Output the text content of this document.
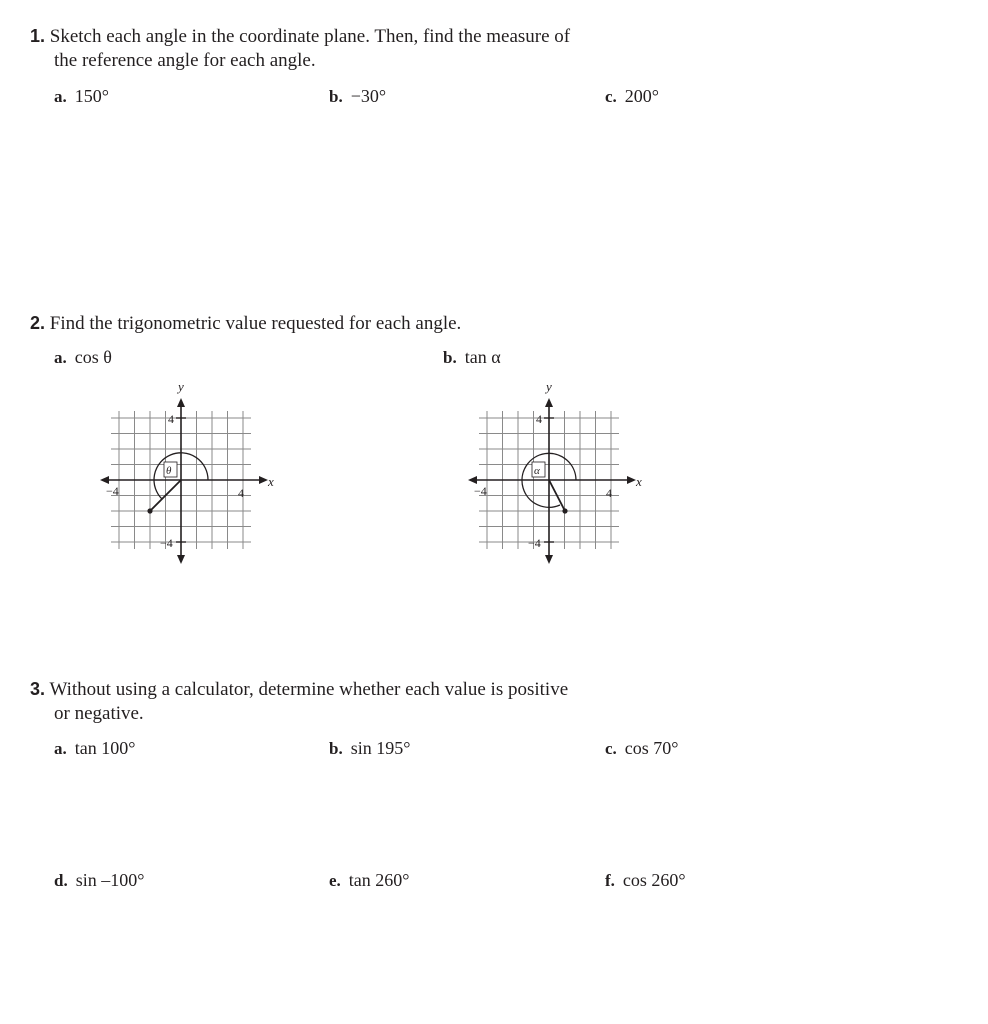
1. Sketch each angle in the coordinate plane. Then, find the measure of
the reference angle for each angle.
a. 150°	b. −30°	c. 200°
2. Find the trigonometric value requested for each angle.
a. cos θ	b. tan α
y
x
4
−4
4
−4
θ
y
x
4
−4
4
−4
α
3. Without using a calculator, determine whether each value is positive
or negative.
a. tan 100°	b. sin 195°	c. cos 70°
d. sin –100°	e. tan 260°	f. cos 260°
